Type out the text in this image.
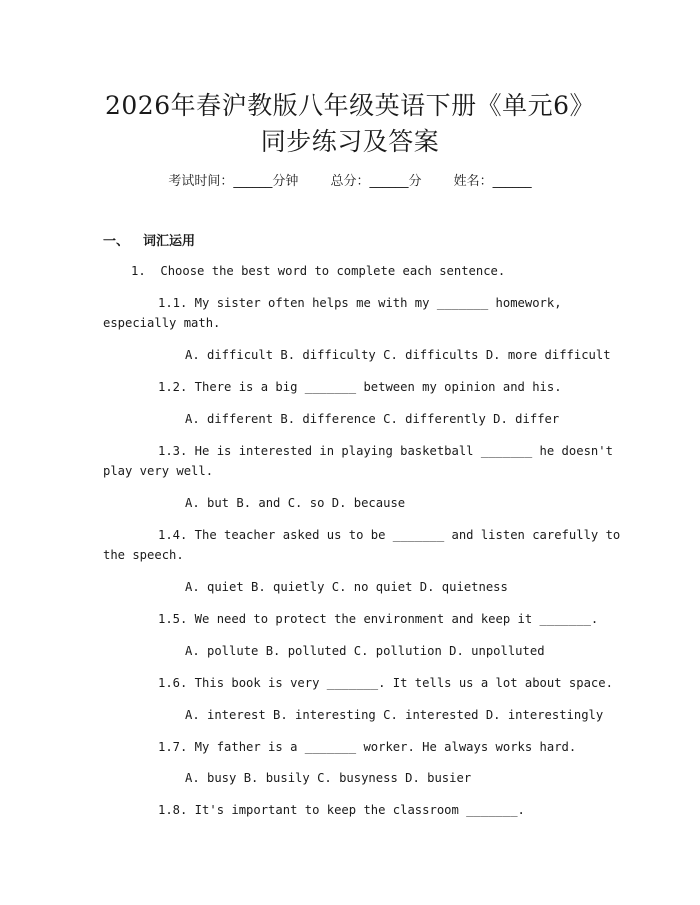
2026年春沪教版八年级英语下册《单元6》
同步练习及答案
考试时间：______分钟 总分：______分 姓名：______
一、 词汇运用
1. Choose the best word to complete each sentence.
1.1. My sister often helps me with my _______ homework,
especially math.
A. difficult B. difficulty C. difficults D. more difficult
1.2. There is a big _______ between my opinion and his.
A. different B. difference C. differently D. differ
1.3. He is interested in playing basketball _______ he doesn't
play very well.
A. but B. and C. so D. because
1.4. The teacher asked us to be _______ and listen carefully to
the speech.
A. quiet B. quietly C. no quiet D. quietness
1.5. We need to protect the environment and keep it _______.
A. pollute B. polluted C. pollution D. unpolluted
1.6. This book is very _______. It tells us a lot about space.
A. interest B. interesting C. interested D. interestingly
1.7. My father is a _______ worker. He always works hard.
A. busy B. busily C. busyness D. busier
1.8. It's important to keep the classroom _______.
